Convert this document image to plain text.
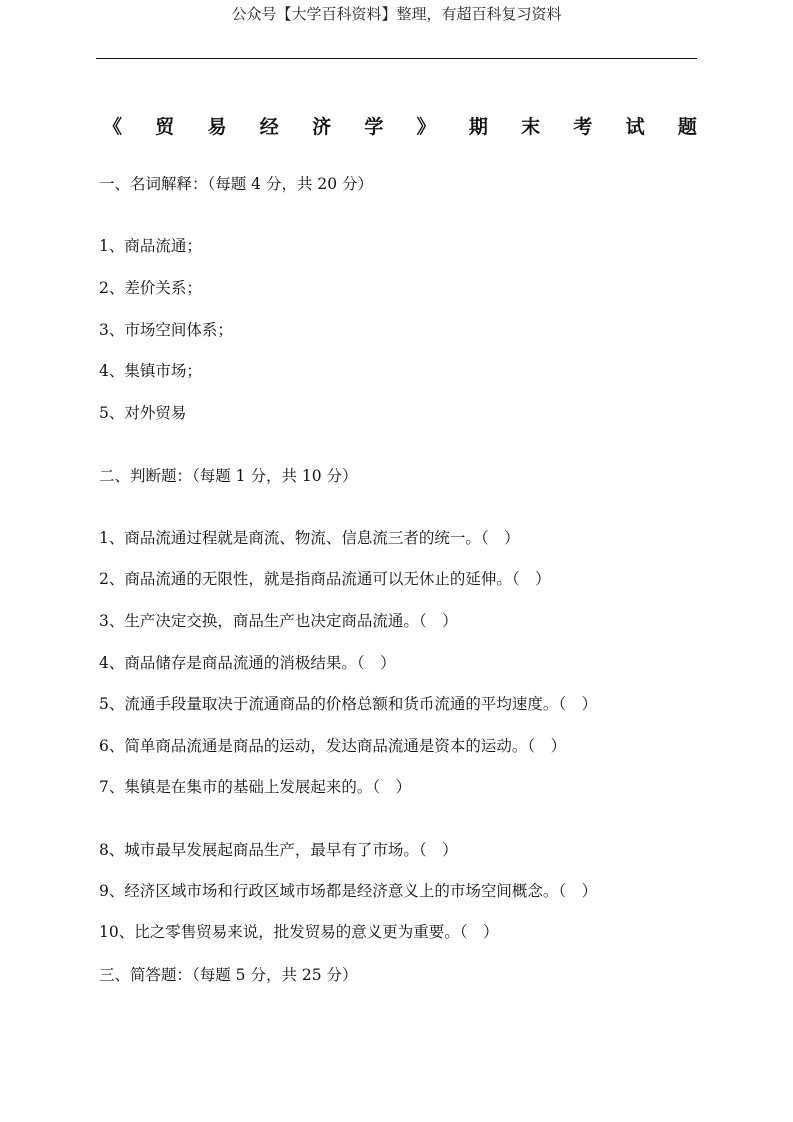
公众号【大学百科资料】整理，有超百科复习资料
《 贸 易 经 济 学 》 期 末 考 试 题
一、名词解释：（每题 4 分，共 20 分）
1、商品流通；
2、差价关系；
3、市场空间体系；
4、集镇市场；
5、对外贸易
二、判断题：（每题 1 分，共 10 分）
1、商品流通过程就是商流、物流、信息流三者的统一。（　）
2、商品流通的无限性，就是指商品流通可以无休止的延伸。（　）
3、生产决定交换，商品生产也决定商品流通。（　）
4、商品储存是商品流通的消极结果。（　）
5、流通手段量取决于流通商品的价格总额和货币流通的平均速度。（　）
6、简单商品流通是商品的运动，发达商品流通是资本的运动。（　）
7、集镇是在集市的基础上发展起来的。（　）
8、城市最早发展起商品生产，最早有了市场。（　）
9、经济区域市场和行政区域市场都是经济意义上的市场空间概念。（　）
10、比之零售贸易来说，批发贸易的意义更为重要。（　）
三、简答题：（每题 5 分，共 25 分）
